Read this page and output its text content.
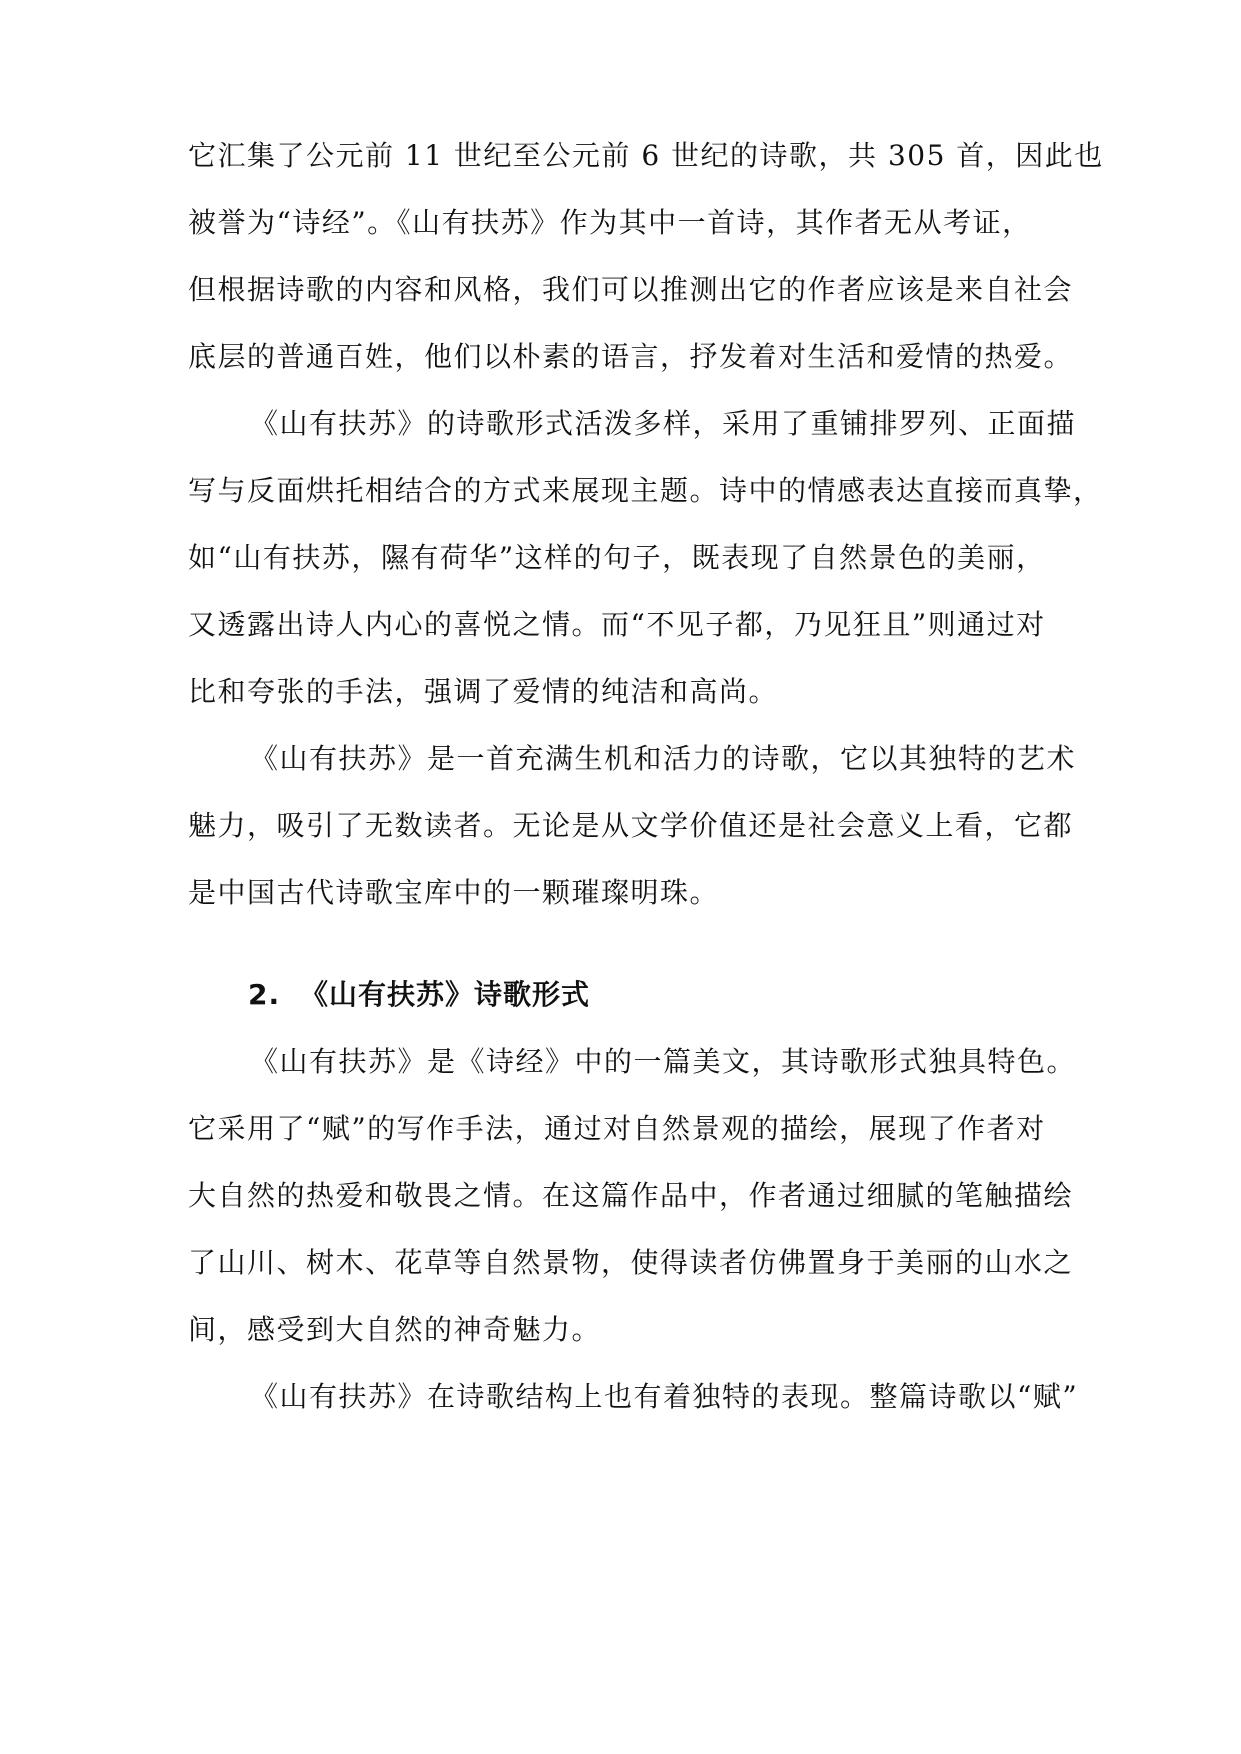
它汇集了公元前 11 世纪至公元前 6 世纪的诗歌，共 305 首，因此也
被誉为“诗经”。《山有扶苏》作为其中一首诗，其作者无从考证，
但根据诗歌的内容和风格，我们可以推测出它的作者应该是来自社会
底层的普通百姓，他们以朴素的语言，抒发着对生活和爱情的热爱。
《山有扶苏》的诗歌形式活泼多样，采用了重铺排罗列、正面描
写与反面烘托相结合的方式来展现主题。诗中的情感表达直接而真挚，
如“山有扶苏，隰有荷华”这样的句子，既表现了自然景色的美丽，
又透露出诗人内心的喜悦之情。而“不见子都，乃见狂且”则通过对
比和夸张的手法，强调了爱情的纯洁和高尚。
《山有扶苏》是一首充满生机和活力的诗歌，它以其独特的艺术
魅力，吸引了无数读者。无论是从文学价值还是社会意义上看，它都
是中国古代诗歌宝库中的一颗璀璨明珠。
2. 《山有扶苏》诗歌形式
《山有扶苏》是《诗经》中的一篇美文，其诗歌形式独具特色。
它采用了“赋”的写作手法，通过对自然景观的描绘，展现了作者对
大自然的热爱和敬畏之情。在这篇作品中，作者通过细腻的笔触描绘
了山川、树木、花草等自然景物，使得读者仿佛置身于美丽的山水之
间，感受到大自然的神奇魅力。
《山有扶苏》在诗歌结构上也有着独特的表现。整篇诗歌以“赋”
